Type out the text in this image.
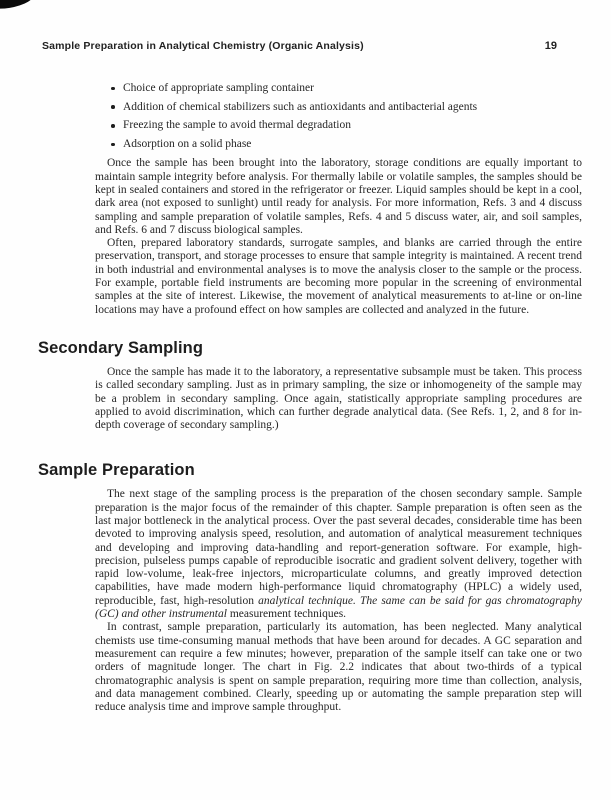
Sample Preparation in Analytical Chemistry (Organic Analysis)	19
Choice of appropriate sampling container
Addition of chemical stabilizers such as antioxidants and antibacterial agents
Freezing the sample to avoid thermal degradation
Adsorption on a solid phase

Once the sample has been brought into the laboratory, storage conditions are equally important to maintain sample integrity before analysis. For thermally labile or volatile samples, the samples should be kept in sealed containers and stored in the refrigerator or freezer. Liquid samples should be kept in a cool, dark area (not exposed to sunlight) until ready for analysis. For more information, Refs. 3 and 4 discuss sampling and sample preparation of volatile samples, Refs. 4 and 5 discuss water, air, and soil samples, and Refs. 6 and 7 discuss biological samples.

Often, prepared laboratory standards, surrogate samples, and blanks are carried through the entire preservation, transport, and storage processes to ensure that sample integrity is maintained. A recent trend in both industrial and environmental analyses is to move the analysis closer to the sample or the process. For example, portable field instruments are becoming more popular in the screening of environmental samples at the site of interest. Likewise, the movement of analytical measurements to at-line or on-line locations may have a profound effect on how samples are collected and analyzed in the future.

Secondary Sampling

Once the sample has made it to the laboratory, a representative subsample must be taken. This process is called secondary sampling. Just as in primary sampling, the size or inhomogeneity of the sample may be a problem in secondary sampling. Once again, statistically appropriate sampling procedures are applied to avoid discrimination, which can further degrade analytical data. (See Refs. 1, 2, and 8 for in-depth coverage of secondary sampling.)

Sample Preparation

The next stage of the sampling process is the preparation of the chosen secondary sample. Sample preparation is the major focus of the remainder of this chapter. Sample preparation is often seen as the last major bottleneck in the analytical process. Over the past several decades, considerable time has been devoted to improving analysis speed, resolution, and automation of analytical measurement techniques and developing and improving data-handling and report-generation software. For example, high-precision, pulseless pumps capable of reproducible isocratic and gradient solvent delivery, together with rapid low-volume, leak-free injectors, microparticulate columns, and greatly improved detection capabilities, have made modern high-performance liquid chromatography (HPLC) a widely used, reproducible, fast, high-resolution analytical technique. The same can be said for gas chromatography (GC) and other instrumental measurement techniques.

In contrast, sample preparation, particularly its automation, has been neglected. Many analytical chemists use time-consuming manual methods that have been around for decades. A GC separation and measurement can require a few minutes; however, preparation of the sample itself can take one or two orders of magnitude longer. The chart in Fig. 2.2 indicates that about two-thirds of a typical chromatographic analysis is spent on sample preparation, requiring more time than collection, analysis, and data management combined. Clearly, speeding up or automating the sample preparation step will reduce analysis time and improve sample throughput.
